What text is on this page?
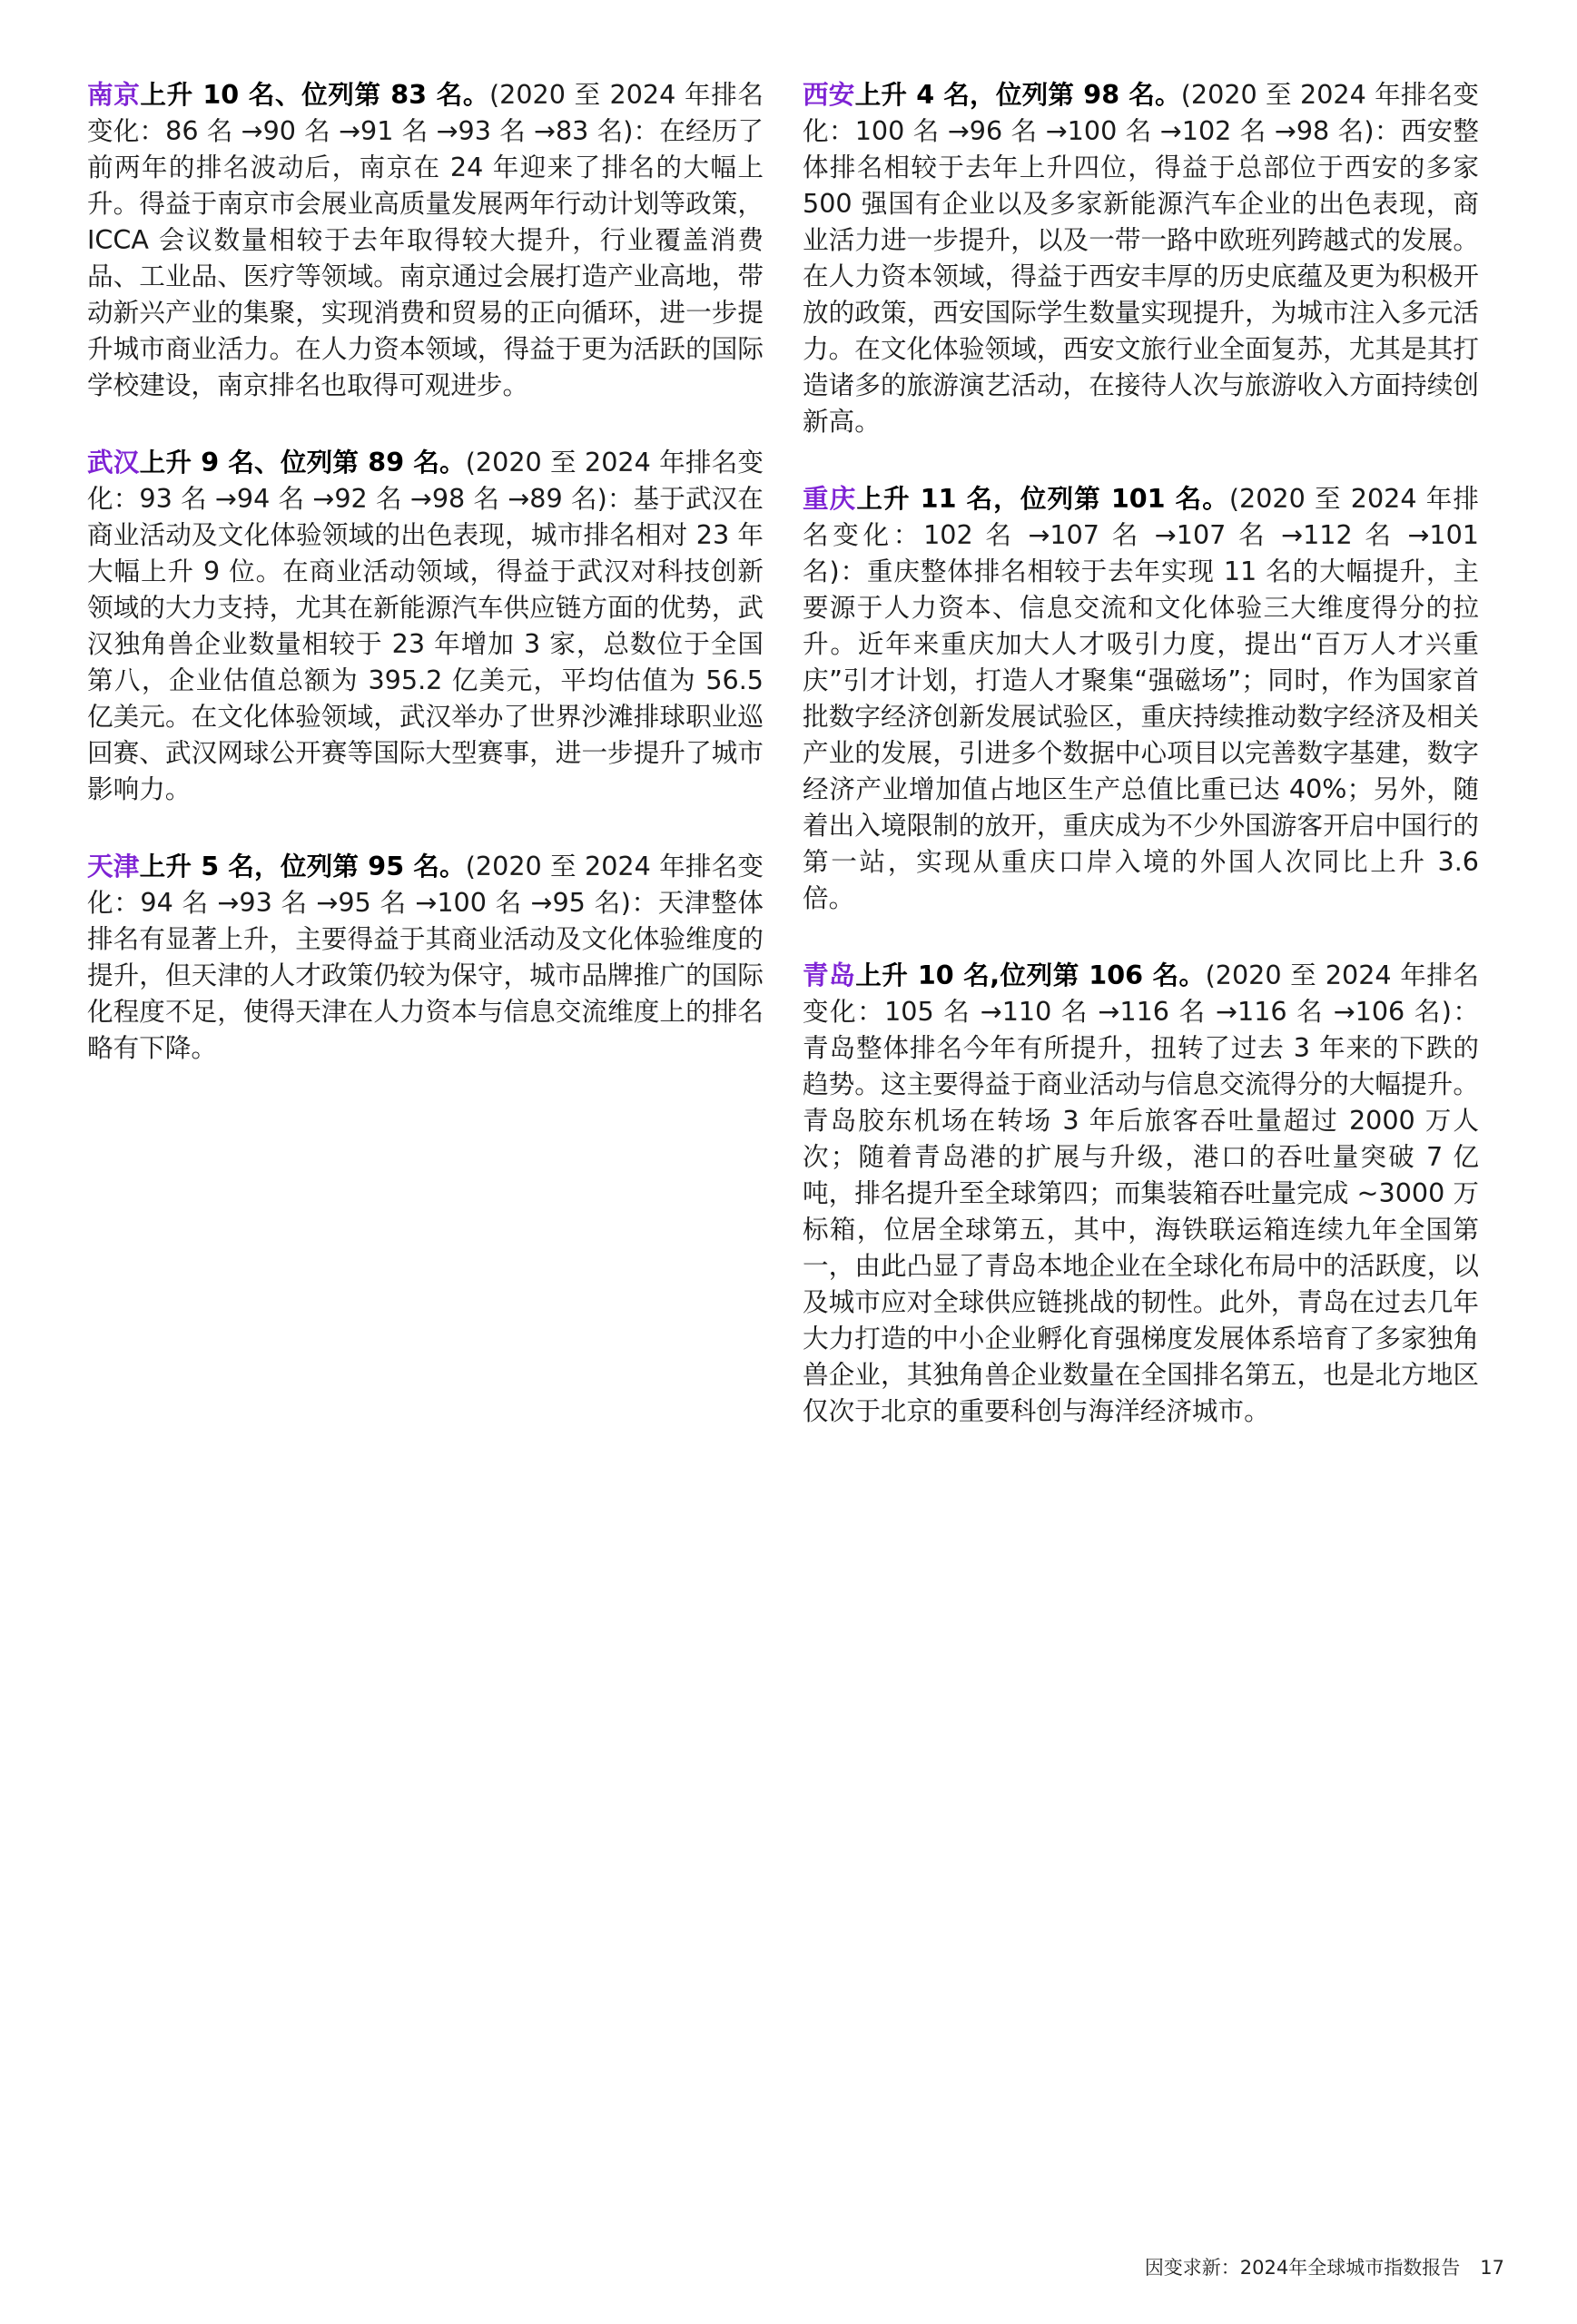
南京上升 10 名、位列第 83 名。(2020 至 2024 年排名变化：86 名 →90 名 →91 名 →93 名 →83 名)：在经历了前两年的排名波动后，南京在 24 年迎来了排名的大幅上升。得益于南京市会展业高质量发展两年行动计划等政策，ICCA 会议数量相较于去年取得较大提升，行业覆盖消费品、工业品、医疗等领域。南京通过会展打造产业高地，带动新兴产业的集聚，实现消费和贸易的正向循环，进一步提升城市商业活力。在人力资本领域，得益于更为活跃的国际学校建设，南京排名也取得可观进步。

武汉上升 9 名、位列第 89 名。(2020 至 2024 年排名变化：93 名 →94 名 →92 名 →98 名 →89 名)：基于武汉在商业活动及文化体验领域的出色表现，城市排名相对 23 年大幅上升 9 位。在商业活动领域，得益于武汉对科技创新领域的大力支持，尤其在新能源汽车供应链方面的优势，武汉独角兽企业数量相较于 23 年增加 3 家，总数位于全国第八，企业估值总额为 395.2 亿美元，平均估值为 56.5 亿美元。在文化体验领域，武汉举办了世界沙滩排球职业巡回赛、武汉网球公开赛等国际大型赛事，进一步提升了城市影响力。

天津上升 5 名，位列第 95 名。(2020 至 2024 年排名变化：94 名 →93 名 →95 名 →100 名 →95 名)：天津整体排名有显著上升，主要得益于其商业活动及文化体验维度的提升，但天津的人才政策仍较为保守，城市品牌推广的国际化程度不足，使得天津在人力资本与信息交流维度上的排名略有下降。

西安上升 4 名，位列第 98 名。(2020 至 2024 年排名变化：100 名 →96 名 →100 名 →102 名 →98 名)：西安整体排名相较于去年上升四位，得益于总部位于西安的多家 500 强国有企业以及多家新能源汽车企业的出色表现，商业活力进一步提升，以及一带一路中欧班列跨越式的发展。在人力资本领域，得益于西安丰厚的历史底蕴及更为积极开放的政策，西安国际学生数量实现提升，为城市注入多元活力。在文化体验领域，西安文旅行业全面复苏，尤其是其打造诸多的旅游演艺活动，在接待人次与旅游收入方面持续创新高。

重庆上升 11 名，位列第 101 名。(2020 至 2024 年排名变化：102 名 →107 名 →107 名 →112 名 →101 名)：重庆整体排名相较于去年实现 11 名的大幅提升，主要源于人力资本、信息交流和文化体验三大维度得分的拉升。近年来重庆加大人才吸引力度，提出“百万人才兴重庆”引才计划，打造人才聚集“强磁场”；同时，作为国家首批数字经济创新发展试验区，重庆持续推动数字经济及相关产业的发展，引进多个数据中心项目以完善数字基建，数字经济产业增加值占地区生产总值比重已达 40%；另外，随着出入境限制的放开，重庆成为不少外国游客开启中国行的第一站，实现从重庆口岸入境的外国人次同比上升 3.6 倍。

青岛上升 10 名,位列第 106 名。(2020 至 2024 年排名变化：105 名 →110 名 →116 名 →116 名 →106 名)：青岛整体排名今年有所提升，扭转了过去 3 年来的下跌的趋势。这主要得益于商业活动与信息交流得分的大幅提升。青岛胶东机场在转场 3 年后旅客吞吐量超过 2000 万人次；随着青岛港的扩展与升级，港口的吞吐量突破 7 亿吨，排名提升至全球第四；而集装箱吞吐量完成 ~3000 万标箱，位居全球第五，其中，海铁联运箱连续九年全国第一，由此凸显了青岛本地企业在全球化布局中的活跃度，以及城市应对全球供应链挑战的韧性。此外，青岛在过去几年大力打造的中小企业孵化育强梯度发展体系培育了多家独角兽企业，其独角兽企业数量在全国排名第五，也是北方地区仅次于北京的重要科创与海洋经济城市。

因变求新：2024年全球城市指数报告 17
